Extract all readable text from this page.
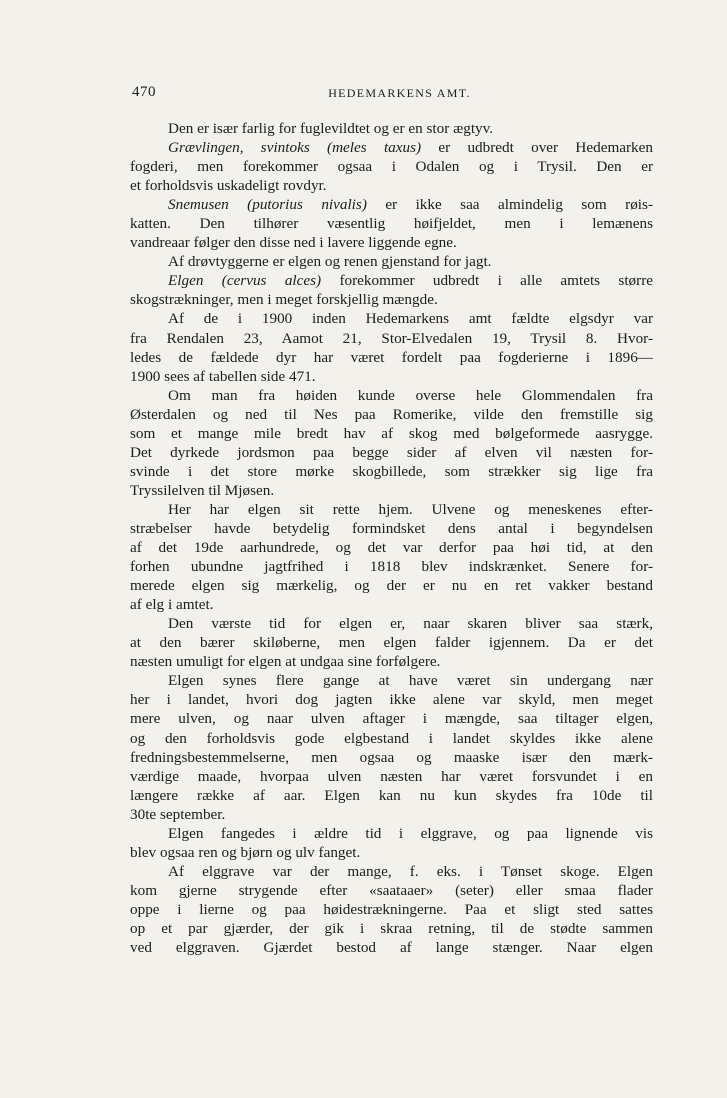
470	HEDEMARKENS AMT.
Den er især farlig for fuglevildtet og er en stor ægtyv.
Grævlingen, svintoks (meles taxus) er udbredt over Hedemarken
fogderi, men forekommer ogsaa i Odalen og i Trysil. Den er
et forholdsvis uskadeligt rovdyr.
Snemusen (putorius nivalis) er ikke saa almindelig som røis-
katten. Den tilhører væsentlig høifjeldet, men i lemænens
vandreaar følger den disse ned i lavere liggende egne.
Af drøvtyggerne er elgen og renen gjenstand for jagt.
Elgen (cervus alces) forekommer udbredt i alle amtets større
skogstrækninger, men i meget forskjellig mængde.
Af de i 1900 inden Hedemarkens amt fældte elgsdyr var
fra Rendalen 23, Aamot 21, Stor-Elvedalen 19, Trysil 8. Hvor-
ledes de fældede dyr har været fordelt paa fogderierne i 1896—
1900 sees af tabellen side 471.
Om man fra høiden kunde overse hele Glommendalen fra
Østerdalen og ned til Nes paa Romerike, vilde den fremstille sig
som et mange mile bredt hav af skog med bølgeformede aasrygge.
Det dyrkede jordsmon paa begge sider af elven vil næsten for-
svinde i det store mørke skogbillede, som strækker sig lige fra
Tryssilelven til Mjøsen.
Her har elgen sit rette hjem. Ulvene og meneskenes efter-
stræbelser havde betydelig formindsket dens antal i begyndelsen
af det 19de aarhundrede, og det var derfor paa høi tid, at den
forhen ubundne jagtfrihed i 1818 blev indskrænket. Senere for-
merede elgen sig mærkelig, og der er nu en ret vakker bestand
af elg i amtet.
Den værste tid for elgen er, naar skaren bliver saa stærk,
at den bærer skiløberne, men elgen falder igjennem. Da er det
næsten umuligt for elgen at undgaa sine forfølgere.
Elgen synes flere gange at have været sin undergang nær
her i landet, hvori dog jagten ikke alene var skyld, men meget
mere ulven, og naar ulven aftager i mængde, saa tiltager elgen,
og den forholdsvis gode elgbestand i landet skyldes ikke alene
fredningsbestemmelserne, men ogsaa og maaske især den mærk-
værdige maade, hvorpaa ulven næsten har været forsvundet i en
længere række af aar. Elgen kan nu kun skydes fra 10de til
30te september.
Elgen fangedes i ældre tid i elggrave, og paa lignende vis
blev ogsaa ren og bjørn og ulv fanget.
Af elggrave var der mange, f. eks. i Tønset skoge. Elgen
kom gjerne strygende efter «saataaer» (seter) eller smaa flader
oppe i lierne og paa høidestrækningerne. Paa et sligt sted sattes
op et par gjærder, der gik i skraa retning, til de stødte sammen
ved elggraven. Gjærdet bestod af lange stænger. Naar elgen
